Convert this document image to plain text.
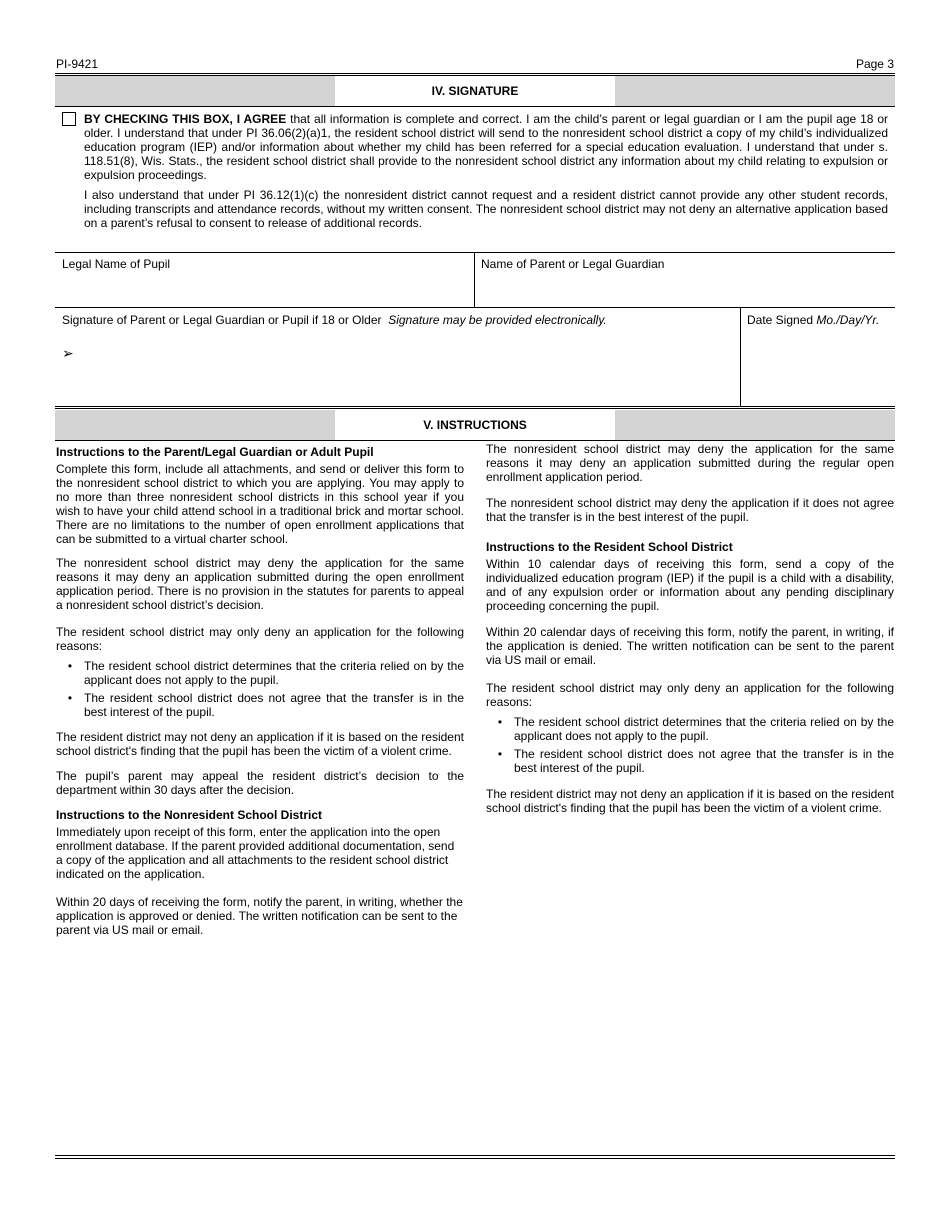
PI-9421	Page 3
IV. SIGNATURE

BY CHECKING THIS BOX, I AGREE that all information is complete and correct. I am the child’s parent or legal guardian or I am the pupil age 18 or older. I understand that under PI 36.06(2)(a)1, the resident school district will send to the nonresident school district a copy of my child’s individualized education program (IEP) and/or information about whether my child has been referred for a special education evaluation. I understand that under s. 118.51(8), Wis. Stats., the resident school district shall provide to the nonresident school district any information about my child relating to expulsion or expulsion proceedings.

I also understand that under PI 36.12(1)(c) the nonresident district cannot request and a resident district cannot provide any other student records, including transcripts and attendance records, without my written consent. The nonresident school district may not deny an alternative application based on a parent’s refusal to consent to release of additional records.

Legal Name of Pupil	Name of Parent or Legal Guardian
Signature of Parent or Legal Guardian or Pupil if 18 or Older Signature may be provided electronically.
➢
Date Signed Mo./Day/Yr.
V. INSTRUCTIONS

Instructions to the Parent/Legal Guardian or Adult Pupil

Complete this form, include all attachments, and send or deliver this form to the nonresident school district to which you are applying. You may apply to no more than three nonresident school districts in this school year if you wish to have your child attend school in a traditional brick and mortar school. There are no limitations to the number of open enrollment applications that can be submitted to a virtual charter school.

The nonresident school district may deny the application for the same reasons it may deny an application submitted during the open enrollment application period. There is no provision in the statutes for parents to appeal a nonresident school district’s decision.

The resident school district may only deny an application for the following reasons:

• The resident school district determines that the criteria relied on by the applicant does not apply to the pupil.
• The resident school district does not agree that the transfer is in the best interest of the pupil.

The resident district may not deny an application if it is based on the resident school district's finding that the pupil has been the victim of a violent crime.

The pupil’s parent may appeal the resident district’s decision to the department within 30 days after the decision.

Instructions to the Nonresident School District

Immediately upon receipt of this form, enter the application into the open enrollment database. If the parent provided additional documentation, send a copy of the application and all attachments to the resident school district indicated on the application.

Within 20 days of receiving the form, notify the parent, in writing, whether the application is approved or denied. The written notification can be sent to the parent via US mail or email.

The nonresident school district may deny the application for the same reasons it may deny an application submitted during the regular open enrollment application period.

The nonresident school district may deny the application if it does not agree that the transfer is in the best interest of the pupil.

Instructions to the Resident School District

Within 10 calendar days of receiving this form, send a copy of the individualized education program (IEP) if the pupil is a child with a disability, and of any expulsion order or information about any pending disciplinary proceeding concerning the pupil.

Within 20 calendar days of receiving this form, notify the parent, in writing, if the application is denied. The written notification can be sent to the parent via US mail or email.

The resident school district may only deny an application for the following reasons:

• The resident school district determines that the criteria relied on by the applicant does not apply to the pupil.
• The resident school district does not agree that the transfer is in the best interest of the pupil.

The resident district may not deny an application if it is based on the resident school district's finding that the pupil has been the victim of a violent crime.
